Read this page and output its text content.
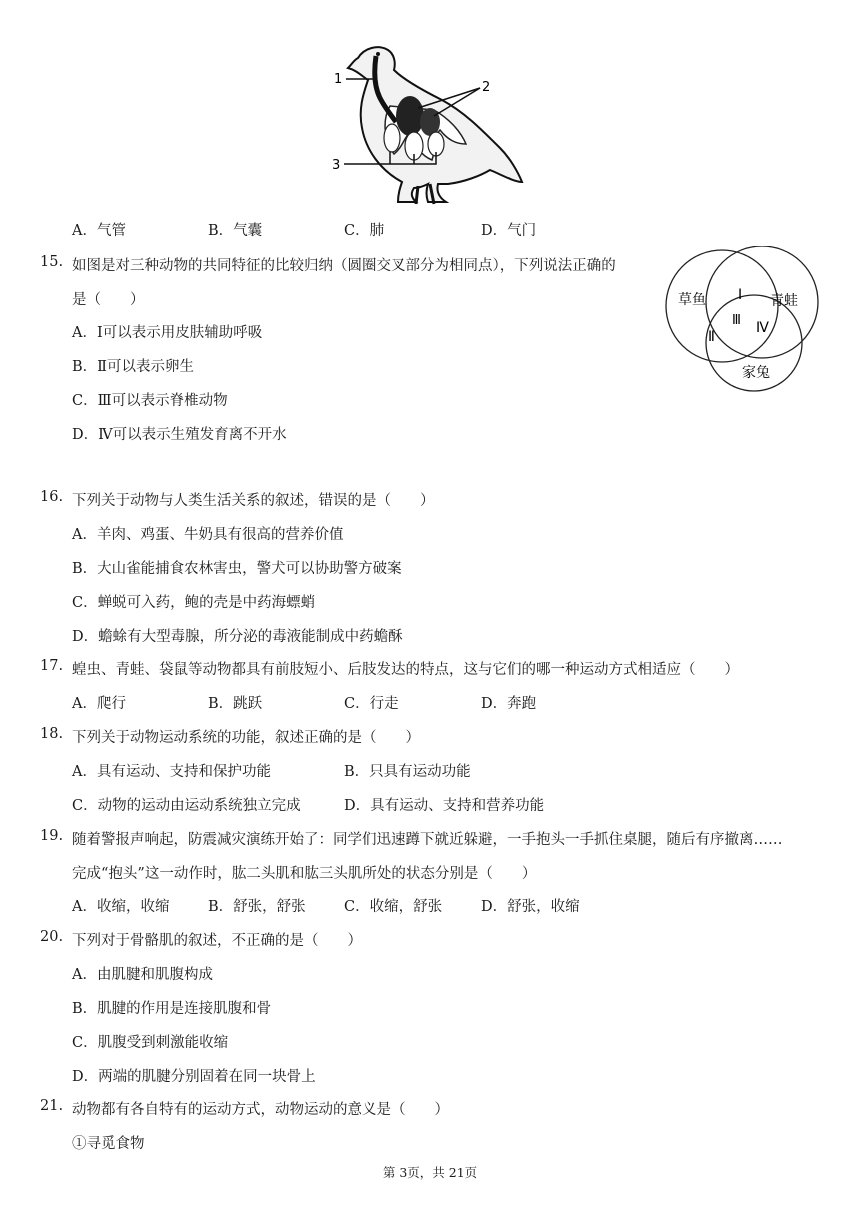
1
2
3
A．气管	B．气囊	C．肺	D．气门
15. 如图是对三种动物的共同特征的比较归纳（圆圈交叉部分为相同点），下列说法正确的
是（　　）
A．Ⅰ可以表示用皮肤辅助呼吸
B．Ⅱ可以表示卵生
C．Ⅲ可以表示脊椎动物
D．Ⅳ可以表示生殖发育离不开水
草鱼	青蛙
家兔
Ⅰ
Ⅱ
Ⅲ Ⅳ
16. 下列关于动物与人类生活关系的叙述，错误的是（　　）
A．羊肉、鸡蛋、牛奶具有很高的营养价值
B．大山雀能捕食农林害虫，警犬可以协助警方破案
C．蝉蜕可入药，鲍的壳是中药海螵蛸
D．蟾蜍有大型毒腺，所分泌的毒液能制成中药蟾酥
17. 蝗虫、青蛙、袋鼠等动物都具有前肢短小、后肢发达的特点，这与它们的哪一种运动方式相适应（　　）
A．爬行	B．跳跃	C．行走	D．奔跑
18. 下列关于动物运动系统的功能，叙述正确的是（　　）
A．具有运动、支持和保护功能	B．只具有运动功能
C．动物的运动由运动系统独立完成	D．具有运动、支持和营养功能
19. 随着警报声响起，防震减灾演练开始了：同学们迅速蹲下就近躲避，一手抱头一手抓住桌腿，随后有序撤离……
完成“抱头”这一动作时，肱二头肌和肱三头肌所处的状态分别是（　　）
A．收缩，收缩	B．舒张，舒张	C．收缩，舒张	D．舒张，收缩
20. 下列对于骨骼肌的叙述，不正确的是（　　）
A．由肌腱和肌腹构成
B．肌腱的作用是连接肌腹和骨
C．肌腹受到刺激能收缩
D．两端的肌腱分别固着在同一块骨上
21. 动物都有各自特有的运动方式，动物运动的意义是（　　）
①寻觅食物
第 3页，共 21页
